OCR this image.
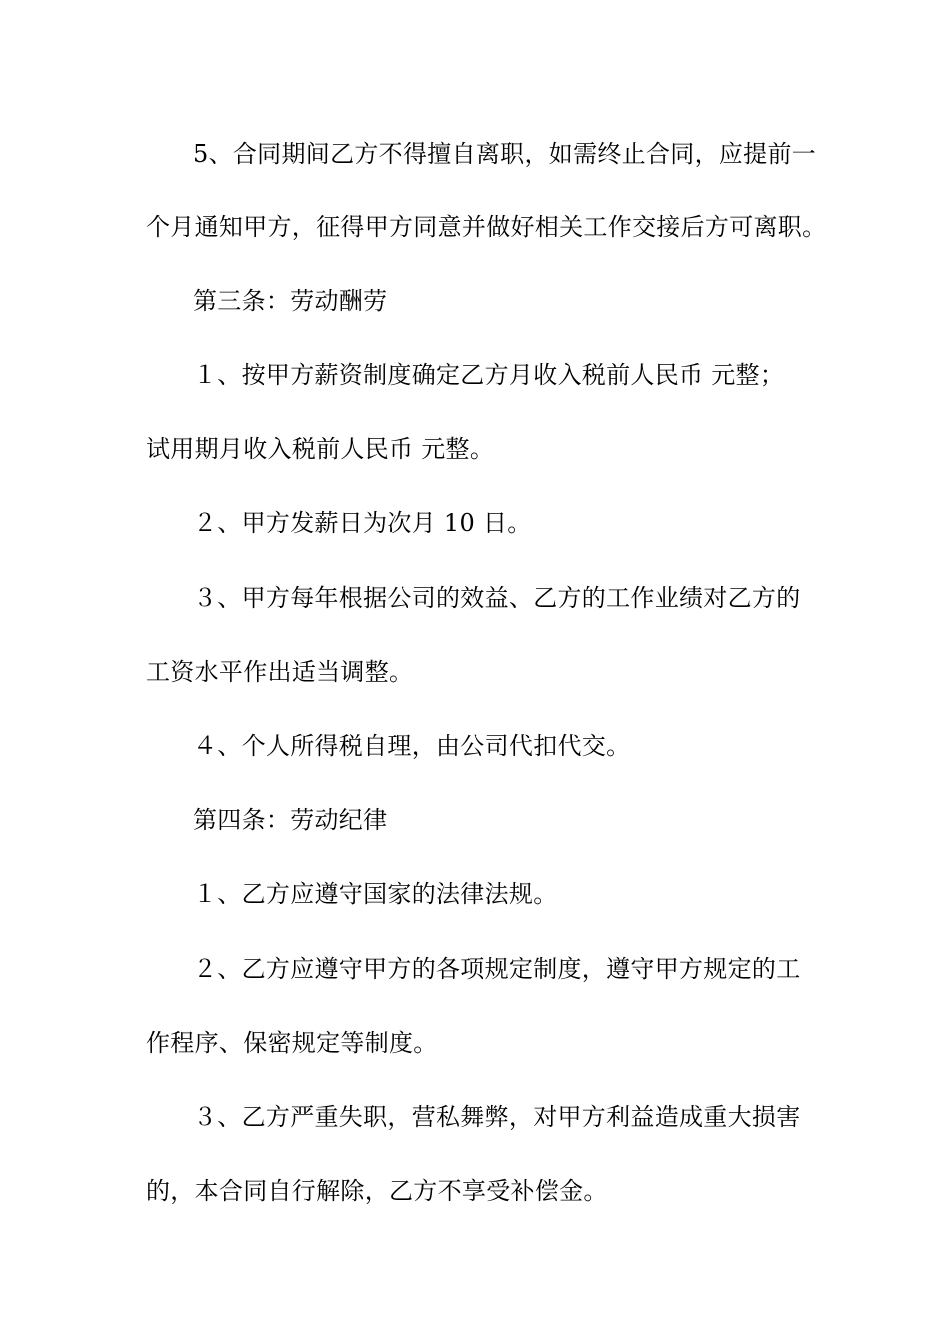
5、合同期间乙方不得擅自离职，如需终止合同，应提前一
个月通知甲方，征得甲方同意并做好相关工作交接后方可离职。
第三条：劳动酬劳
１、按甲方薪资制度确定乙方月收入税前人民币 元整；
试用期月收入税前人民币 元整。
２、甲方发薪日为次月 10 日。
３、甲方每年根据公司的效益、乙方的工作业绩对乙方的
工资水平作出适当调整。
４、个人所得税自理，由公司代扣代交。
第四条：劳动纪律
１、乙方应遵守国家的法律法规。
２、乙方应遵守甲方的各项规定制度，遵守甲方规定的工
作程序、保密规定等制度。
３、乙方严重失职，营私舞弊，对甲方利益造成重大损害
的，本合同自行解除，乙方不享受补偿金。
